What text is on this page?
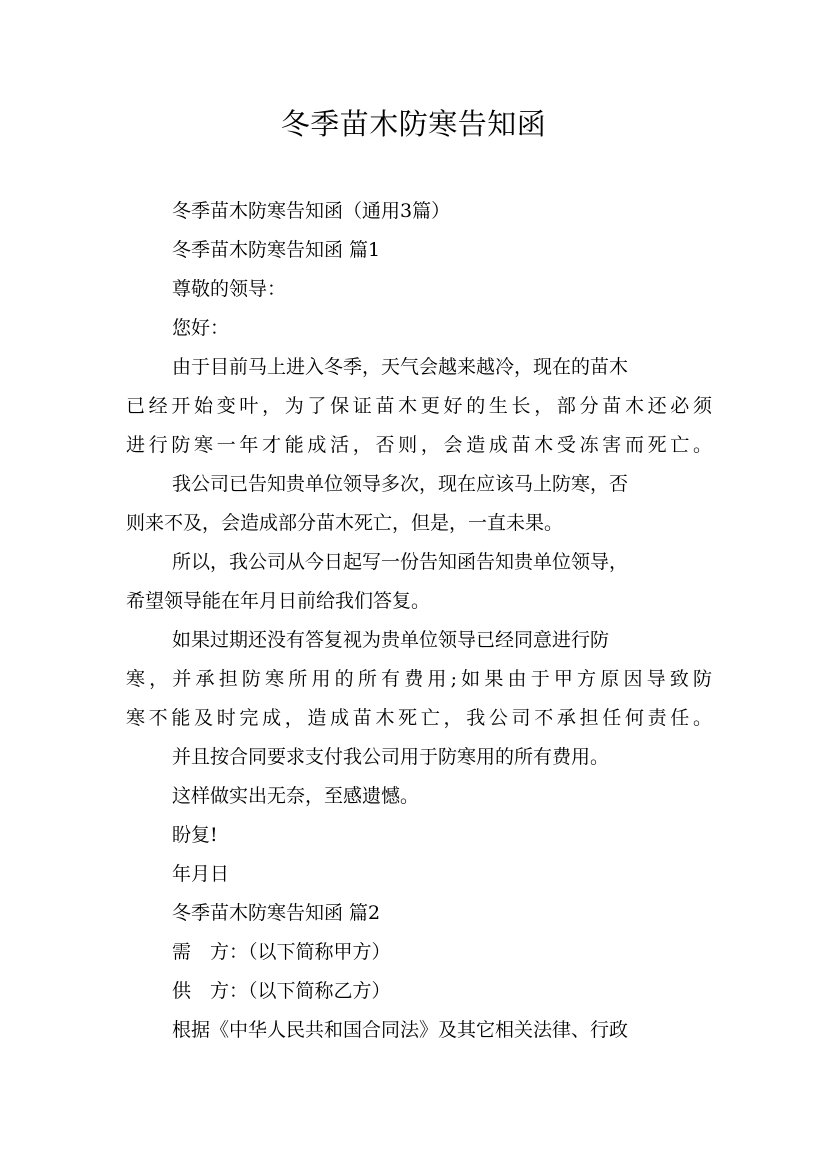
冬季苗木防寒告知函

冬季苗木防寒告知函（通用3篇）

冬季苗木防寒告知函 篇1

尊敬的领导：

您好：

由于目前马上进入冬季，天气会越来越冷，现在的苗木

已经开始变叶，为了保证苗木更好的生长，部分苗木还必须

进行防寒一年才能成活，否则，会造成苗木受冻害而死亡。

我公司已告知贵单位领导多次，现在应该马上防寒，否

则来不及，会造成部分苗木死亡，但是，一直未果。

所以，我公司从今日起写一份告知函告知贵单位领导，

希望领导能在年月日前给我们答复。

如果过期还没有答复视为贵单位领导已经同意进行防

寒，并承担防寒所用的所有费用;如果由于甲方原因导致防

寒不能及时完成，造成苗木死亡，我公司不承担任何责任。

并且按合同要求支付我公司用于防寒用的所有费用。

这样做实出无奈，至感遗憾。

盼复!

年月日

冬季苗木防寒告知函 篇2

需　方：（以下简称甲方）

供　方：（以下简称乙方）

根据《中华人民共和国合同法》及其它相关法律、行政
